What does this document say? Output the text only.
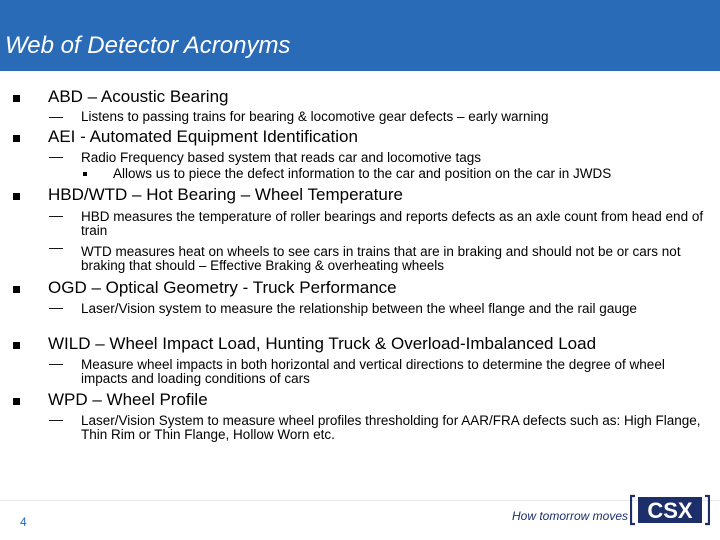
Web of Detector Acronyms
ABD – Acoustic Bearing
— Listens to passing trains for bearing & locomotive gear defects – early warning
AEI - Automated Equipment Identification
— Radio Frequency based system that reads car and locomotive tags
Allows us to piece the defect information to the car and position on the car in JWDS
HBD/WTD – Hot Bearing – Wheel Temperature
— HBD measures the temperature of roller bearings and reports defects as an axle count from head end of train
— WTD measures heat on wheels to see cars in trains that are in braking and should not be or cars not braking that should – Effective Braking & overheating wheels
OGD – Optical Geometry - Truck Performance
— Laser/Vision system to measure the relationship between the wheel flange and the rail gauge
WILD – Wheel Impact Load, Hunting Truck & Overload-Imbalanced Load
— Measure wheel impacts in both horizontal and vertical directions to determine the degree of wheel impacts and loading conditions of cars
WPD – Wheel Profile
— Laser/Vision System to measure wheel profiles thresholding for AAR/FRA defects such as: High Flange, Thin Rim or Thin Flange, Hollow Worn etc.
4	How tomorrow moves CSX
